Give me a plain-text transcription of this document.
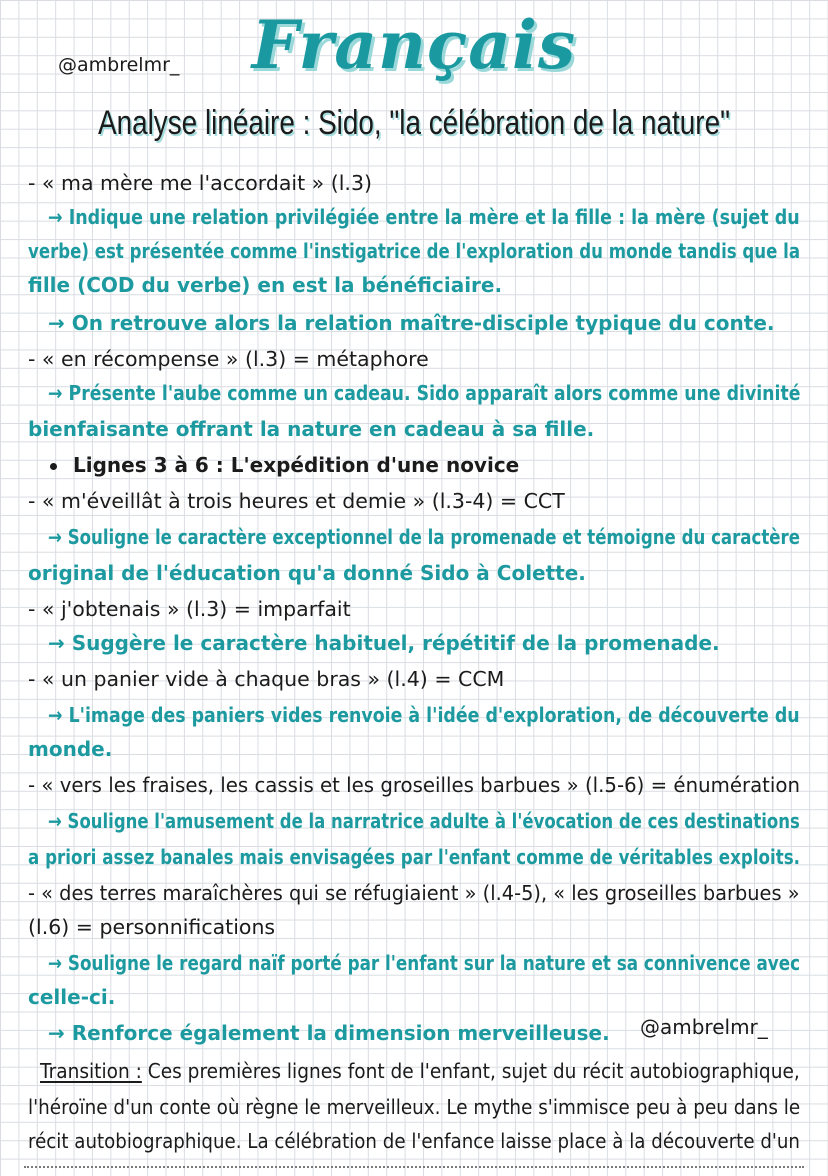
@ambrelmr_	Français
Analyse linéaire : Sido, "la célébration de la nature"
- « ma mère me l'accordait » (l.3)
→ Indique une relation privilégiée entre la mère et la fille : la mère (sujet du
verbe) est présentée comme l'instigatrice de l'exploration du monde tandis que la
fille (COD du verbe) en est la bénéficiaire.
→ On retrouve alors la relation maître-disciple typique du conte.
- « en récompense » (l.3) = métaphore
→ Présente l'aube comme un cadeau. Sido apparaît alors comme une divinité
bienfaisante offrant la nature en cadeau à sa fille.
Lignes 3 à 6 : L'expédition d'une novice
- « m'éveillât à trois heures et demie » (l.3-4) = CCT
→ Souligne le caractère exceptionnel de la promenade et témoigne du caractère
original de l'éducation qu'a donné Sido à Colette.
- « j'obtenais » (l.3) = imparfait
→ Suggère le caractère habituel, répétitif de la promenade.
- « un panier vide à chaque bras » (l.4) = CCM
→ L'image des paniers vides renvoie à l'idée d'exploration, de découverte du
monde.
- « vers les fraises, les cassis et les groseilles barbues » (l.5-6) = énumération
→ Souligne l'amusement de la narratrice adulte à l'évocation de ces destinations
a priori assez banales mais envisagées par l'enfant comme de véritables exploits.
- « des terres maraîchères qui se réfugiaient » (l.4-5), « les groseilles barbues »
(l.6) = personnifications
→ Souligne le regard naïf porté par l'enfant sur la nature et sa connivence avec
celle-ci.
→ Renforce également la dimension merveilleuse.	@ambrelmr_
Transition : Ces premières lignes font de l'enfant, sujet du récit autobiographique,
l'héroïne d'un conte où règne le merveilleux. Le mythe s'immisce peu à peu dans le
récit autobiographique. La célébration de l'enfance laisse place à la découverte d'un
